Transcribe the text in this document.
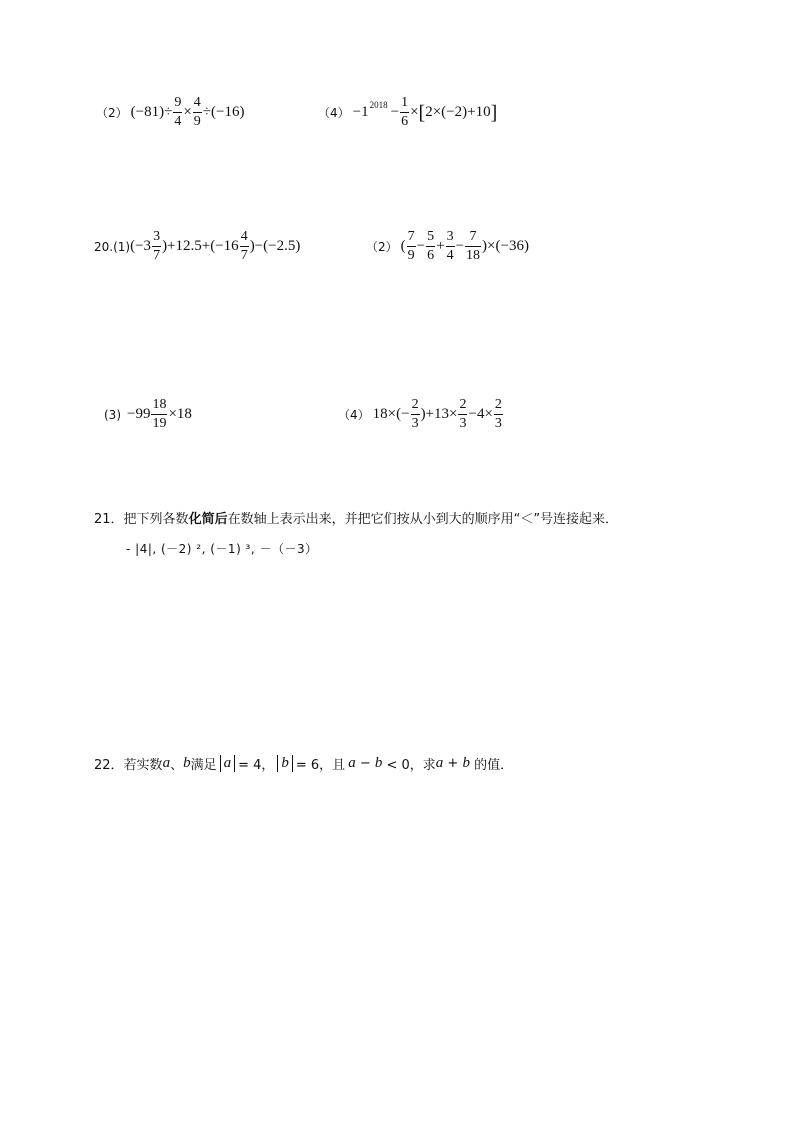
（2） $(-81)\div \frac{9}{4} \times \frac{4}{9} \div(-16)$	（4） −1 $2018 - \frac{1}{6}$ × [ 2×(−2)+10 ]
20. (1) $(-3 \frac{3}{7} )+12.5+(-16 \frac{4}{7} )-(-2.5)$	（2） ( $\frac{7}{9} - \frac{5}{6} + \frac{3}{4} - \frac{7}{18} )\times(-36)$
$(3) -99 \frac{18}{19} \times 18$	（4） $18\times(- \frac{2}{3} )+13\times \frac{2}{3} -4\times \frac{2}{3}$
21．把下列各数化简后在数轴上表示出来，并把它们按从小到大的顺序用“＜”号连接起来．
- |4|, (－2) ², (－1) ³, －（－3）
22． 若实数 a 、 b 满足 a = 4， b = 6，且 a − b < 0，求 a + b 的值．
